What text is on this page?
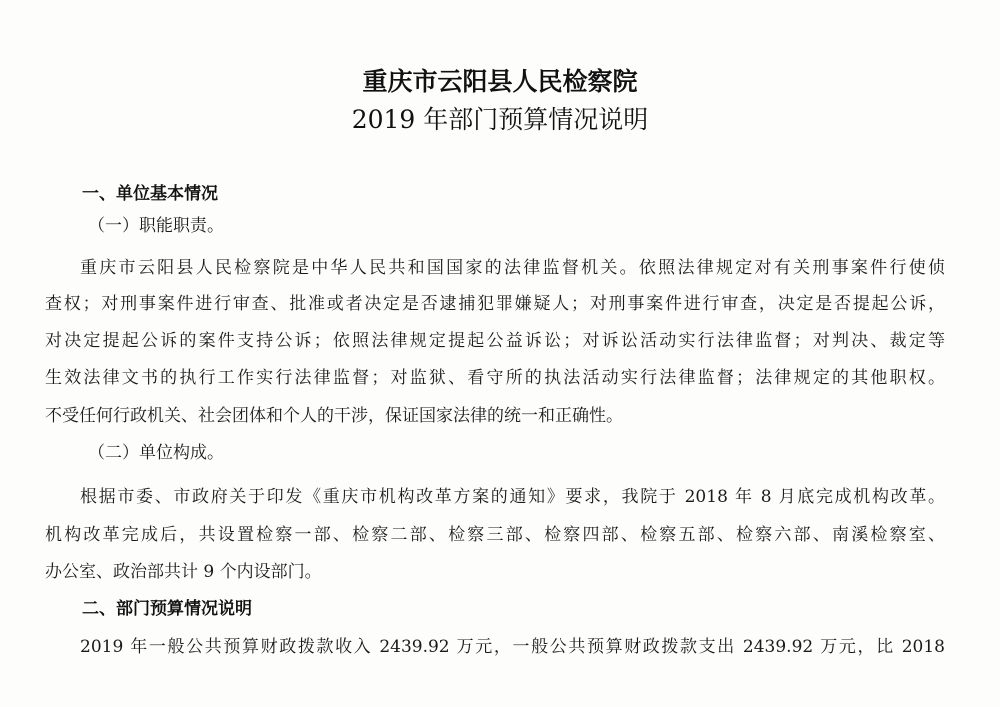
重庆市云阳县人民检察院
2019 年部门预算情况说明
一、单位基本情况
（一）职能职责。
重庆市云阳县人民检察院是中华人民共和国国家的法律监督机关。依照法律规定对有关刑事案件行使侦
查权；对刑事案件进行审查、批准或者决定是否逮捕犯罪嫌疑人；对刑事案件进行审查，决定是否提起公诉，
对决定提起公诉的案件支持公诉；依照法律规定提起公益诉讼；对诉讼活动实行法律监督；对判决、裁定等
生效法律文书的执行工作实行法律监督；对监狱、看守所的执法活动实行法律监督；法律规定的其他职权。
不受任何行政机关、社会团体和个人的干涉，保证国家法律的统一和正确性。
（二）单位构成。
根据市委、市政府关于印发《重庆市机构改革方案的通知》要求，我院于 2018 年 8 月底完成机构改革。
机构改革完成后，共设置检察一部、检察二部、检察三部、检察四部、检察五部、检察六部、南溪检察室、
办公室、政治部共计 9 个内设部门。
二、部门预算情况说明
2019 年一般公共预算财政拨款收入 2439.92 万元，一般公共预算财政拨款支出 2439.92 万元，比 2018
